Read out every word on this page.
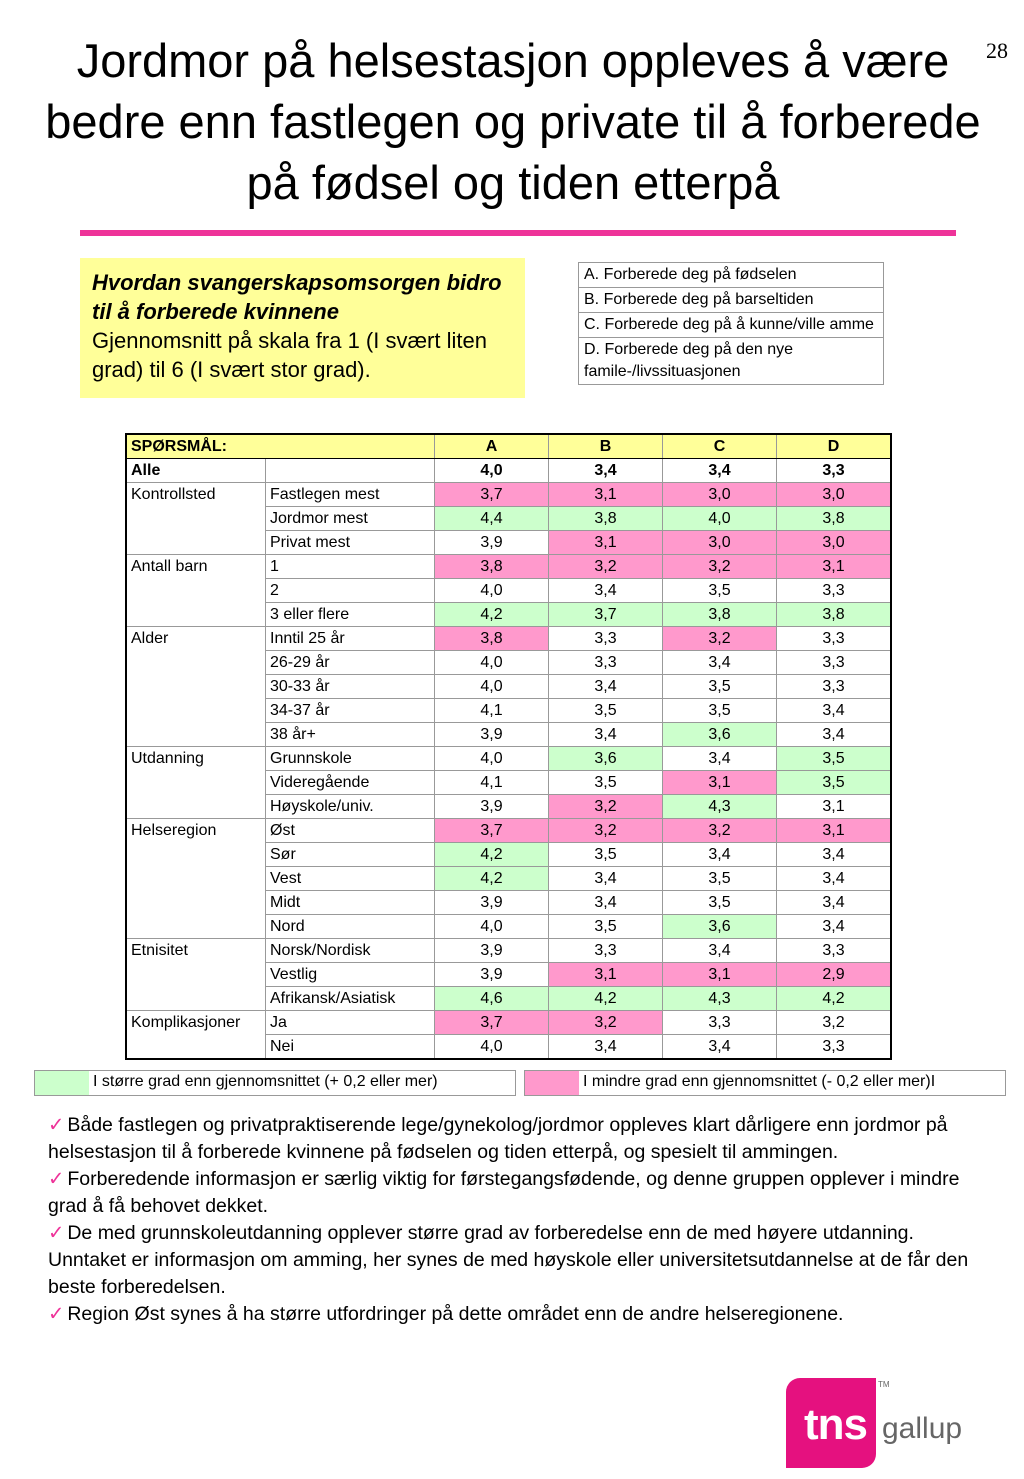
28
Jordmor på helsestasjon oppleves å være bedre enn fastlegen og private til å forberede på fødsel og tiden etterpå
Hvordan svangerskapsomsorgen bidro til å forberede kvinnene
Gjennomsnitt på skala fra 1 (I svært liten grad) til 6 (I svært stor grad).
A. Forberede deg på fødselen
B. Forberede deg på barseltiden
C. Forberede deg på å kunne/ville amme
D. Forberede deg på den nye famile-/livssituasjonen
SPØRSMÅL:		A	B	C	D
Alle		4,0	3,4	3,4	3,3
Kontrollsted	Fastlegen mest	3,7	3,1	3,0	3,0
	Jordmor mest	4,4	3,8	4,0	3,8
	Privat mest	3,9	3,1	3,0	3,0
Antall barn	1	3,8	3,2	3,2	3,1
	2	4,0	3,4	3,5	3,3
	3 eller flere	4,2	3,7	3,8	3,8
Alder	Inntil 25 år	3,8	3,3	3,2	3,3
	26-29 år	4,0	3,3	3,4	3,3
	30-33 år	4,0	3,4	3,5	3,3
	34-37 år	4,1	3,5	3,5	3,4
	38 år+	3,9	3,4	3,6	3,4
Utdanning	Grunnskole	4,0	3,6	3,4	3,5
	Videregående	4,1	3,5	3,1	3,5
	Høyskole/univ.	3,9	3,2	4,3	3,1
Helseregion	Øst	3,7	3,2	3,2	3,1
	Sør	4,2	3,5	3,4	3,4
	Vest	4,2	3,4	3,5	3,4
	Midt	3,9	3,4	3,5	3,4
	Nord	4,0	3,5	3,6	3,4
Etnisitet	Norsk/Nordisk	3,9	3,3	3,4	3,3
	Vestlig	3,9	3,1	3,1	2,9
	Afrikansk/Asiatisk	4,6	4,2	4,3	4,2
Komplikasjoner	Ja	3,7	3,2	3,3	3,2
	Nei	4,0	3,4	3,4	3,3
I større grad enn gjennomsnittet (+ 0,2 eller mer)	I mindre grad enn gjennomsnittet (- 0,2 eller mer)I

✓ Både fastlegen og privatpraktiserende lege/gynekolog/jordmor oppleves klart dårligere enn jordmor på helsestasjon til å forberede kvinnene på fødselen og tiden etterpå, og spesielt til ammingen.

✓ Forberedende informasjon er særlig viktig for førstegangsfødende, og denne gruppen opplever i mindre grad å få behovet dekket.

✓ De med grunnskoleutdanning opplever større grad av forberedelse enn de med høyere utdanning. Unntaket er informasjon om amming, her synes de med høyskole eller universitetsutdannelse at de får den beste forberedelsen.

✓ Region Øst synes å ha større utfordringer på dette området enn de andre helseregionene.

tns
TM
gallup
